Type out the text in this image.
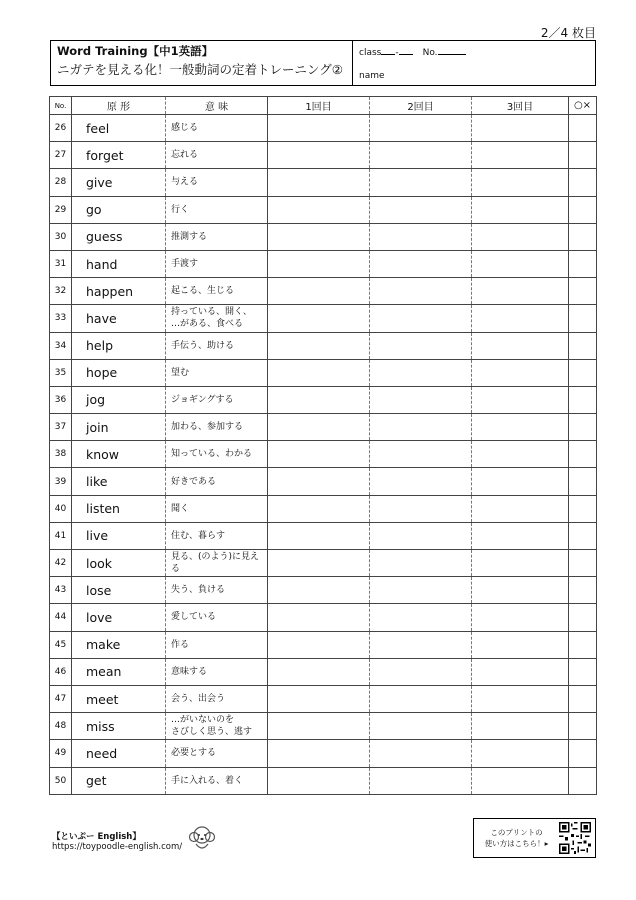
2／4 枚目
Word Training【中1英語】
ニガテを見える化！一般動詞の定着トレーニング②
class -	No.
name
No.	原 形	意 味	1回目	2回目	3回目	○×
26	feel	感じる				
27	forget	忘れる				
28	give	与える				
29	go	行く				
30	guess	推測する				
31	hand	手渡す				
32	happen	起こる、生じる				
33	have	持っている、開く、
…がある、食べる				
34	help	手伝う、助ける				
35	hope	望む				
36	jog	ジョギングする				
37	join	加わる、参加する				
38	know	知っている、わかる				
39	like	好きである				
40	listen	聞く				
41	live	住む、暮らす				
42	look	見る、(のよう)に見え
る				
43	lose	失う、負ける				
44	love	愛している				
45	make	作る				
46	mean	意味する				
47	meet	会う、出会う				
48	miss	…がいないのを
さびしく思う、逃す				
49	need	必要とする				
50	get	手に入れる、着く				
【といぷー English】
https://toypoodle-english.com/
このプリントの
使い方はこちら！▸
